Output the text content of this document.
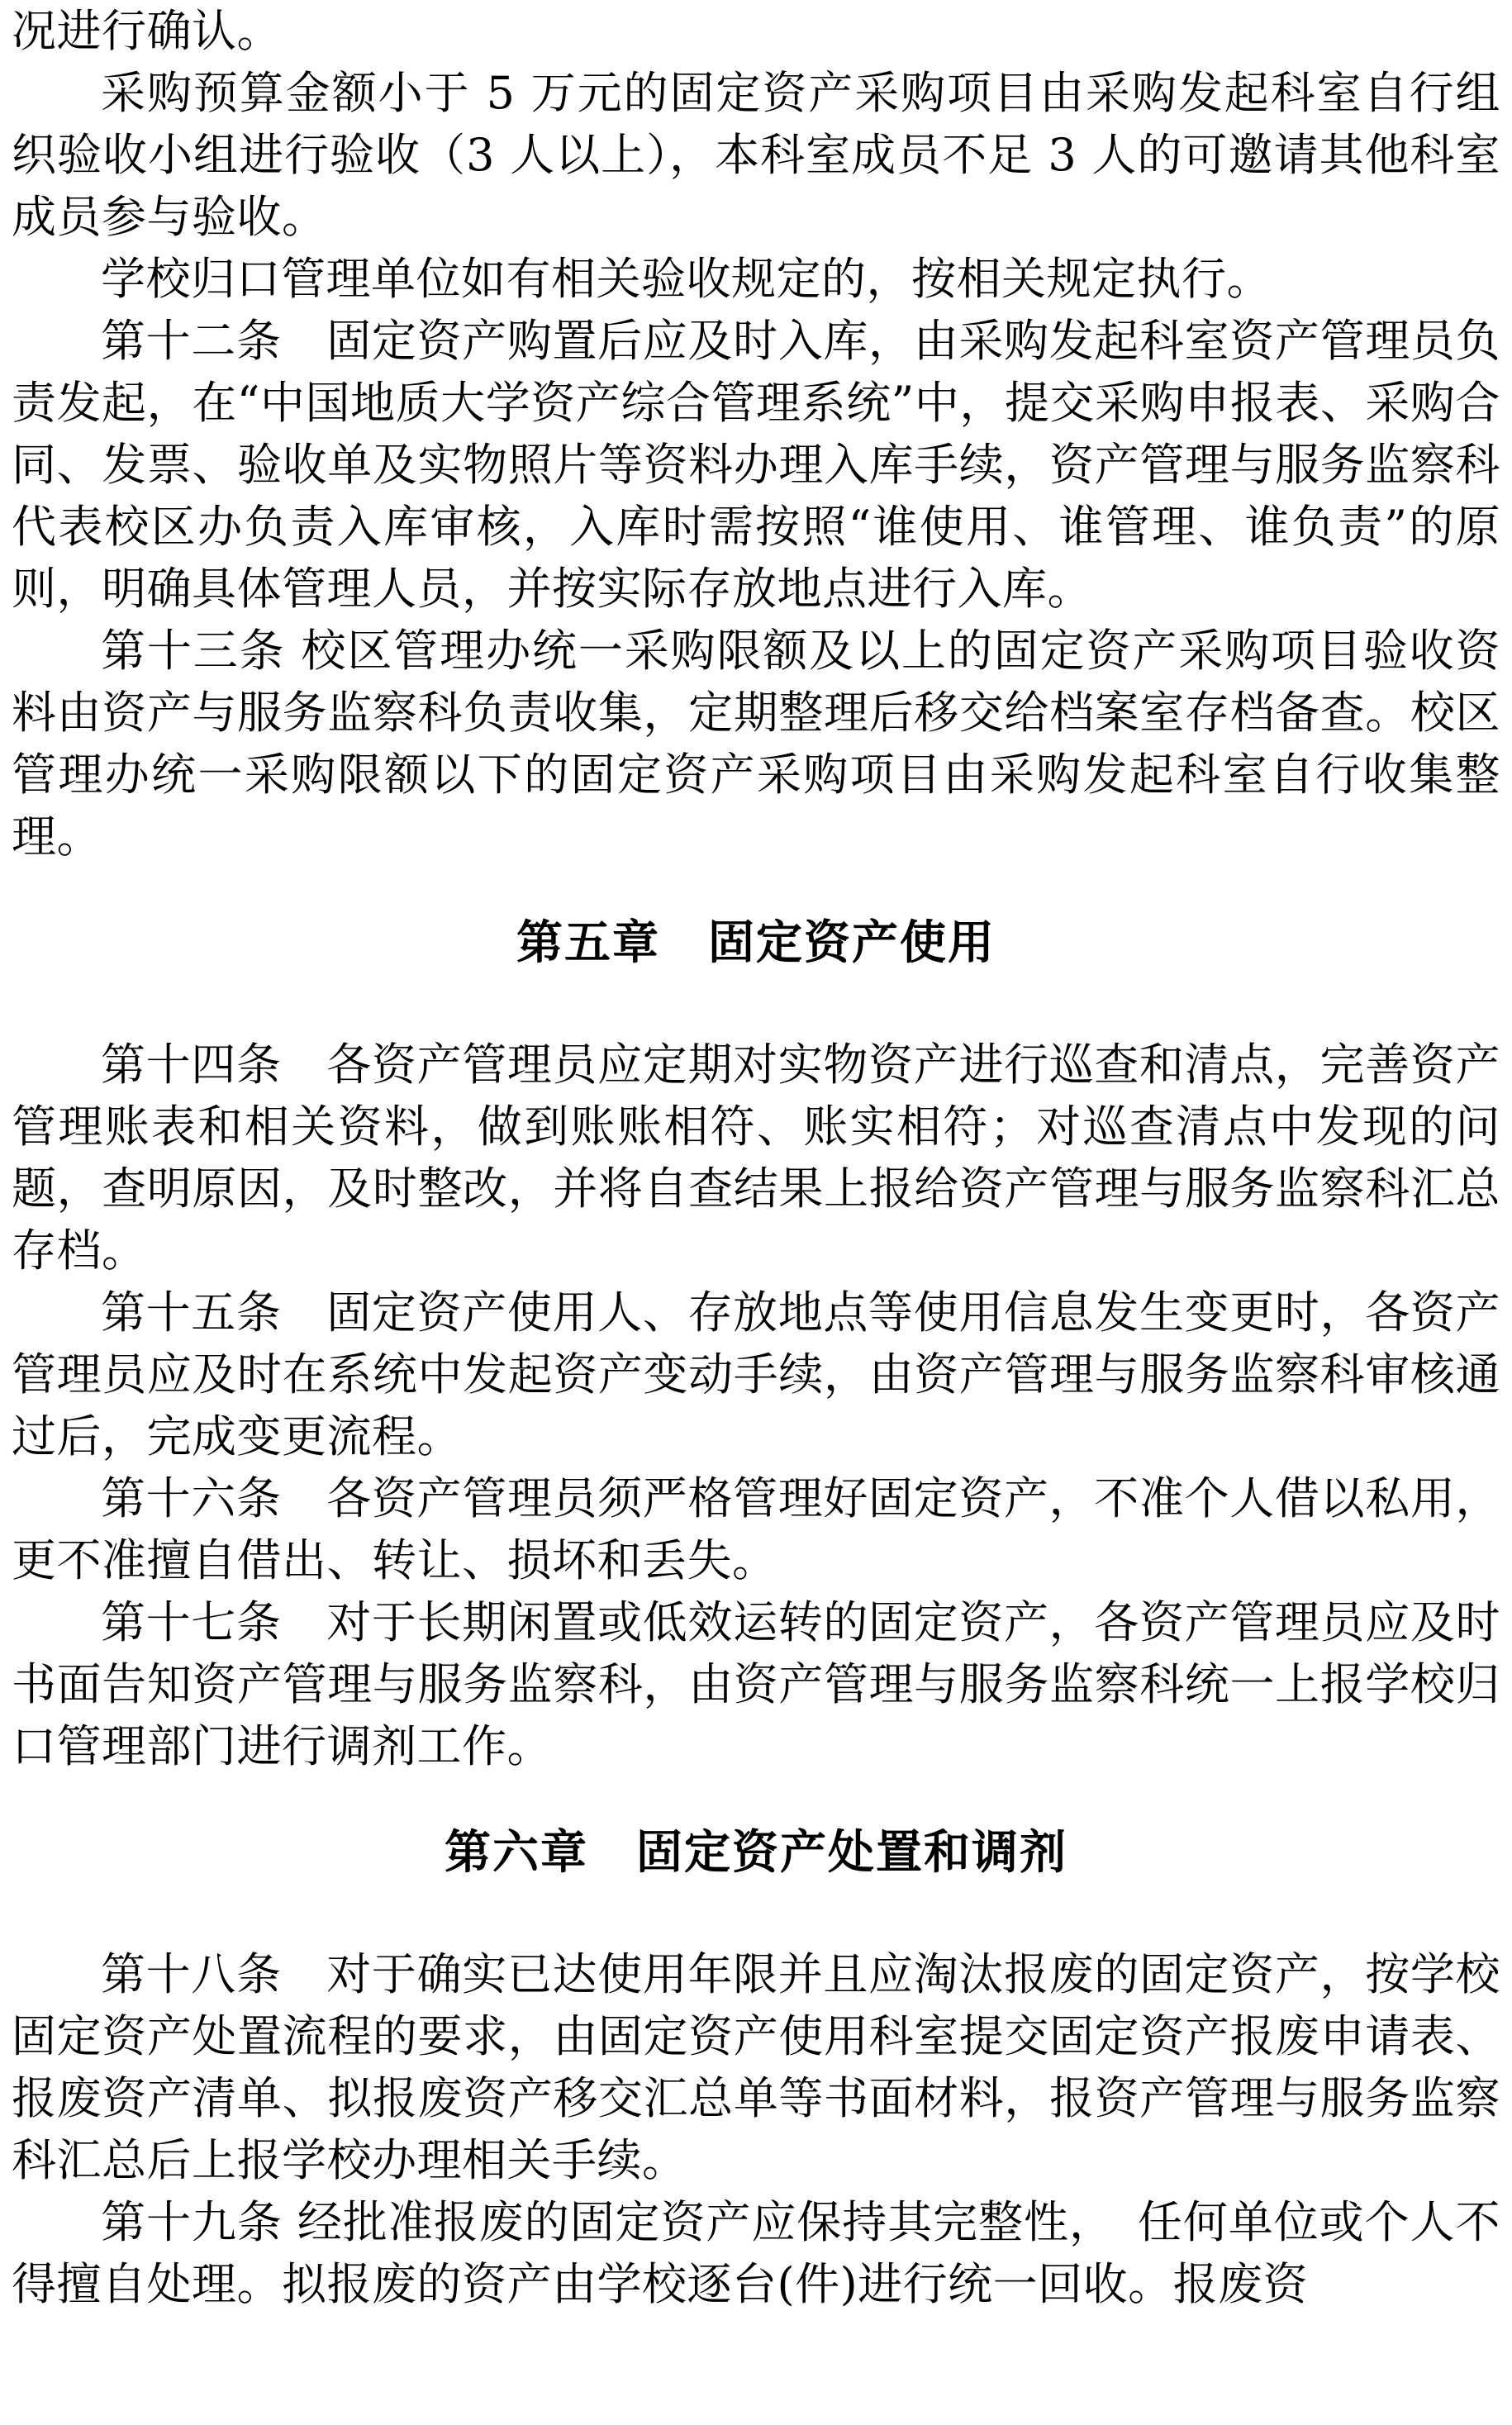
况进行确认。

采购预算金额小于 5 万元的固定资产采购项目由采购发起科室自行组织验收小组进行验收（3 人以上），本科室成员不足 3 人的可邀请其他科室成员参与验收。

学校归口管理单位如有相关验收规定的，按相关规定执行。

第十二条　固定资产购置后应及时入库，由采购发起科室资产管理员负责发起，在“中国地质大学资产综合管理系统”中，提交采购申报表、采购合同、发票、验收单及实物照片等资料办理入库手续，资产管理与服务监察科代表校区办负责入库审核，入库时需按照“谁使用、谁管理、谁负责”的原则，明确具体管理人员，并按实际存放地点进行入库。

第十三条 校区管理办统一采购限额及以上的固定资产采购项目验收资料由资产与服务监察科负责收集，定期整理后移交给档案室存档备查。校区管理办统一采购限额以下的固定资产采购项目由采购发起科室自行收集整理。

第五章　固定资产使用

第十四条　各资产管理员应定期对实物资产进行巡查和清点，完善资产管理账表和相关资料，做到账账相符、账实相符；对巡查清点中发现的问题，查明原因，及时整改，并将自查结果上报给资产管理与服务监察科汇总存档。

第十五条　固定资产使用人、存放地点等使用信息发生变更时，各资产管理员应及时在系统中发起资产变动手续，由资产管理与服务监察科审核通过后，完成变更流程。

第十六条　各资产管理员须严格管理好固定资产，不准个人借以私用，更不准擅自借出、转让、损坏和丢失。

第十七条　对于长期闲置或低效运转的固定资产，各资产管理员应及时书面告知资产管理与服务监察科，由资产管理与服务监察科统一上报学校归口管理部门进行调剂工作。

第六章　固定资产处置和调剂

第十八条　对于确实已达使用年限并且应淘汰报废的固定资产，按学校固定资产处置流程的要求，由固定资产使用科室提交固定资产报废申请表、报废资产清单、拟报废资产移交汇总单等书面材料，报资产管理与服务监察科汇总后上报学校办理相关手续。

第十九条 经批准报废的固定资产应保持其完整性，　任何单位或个人不得擅自处理。拟报废的资产由学校逐台(件)进行统一回收。报废资
